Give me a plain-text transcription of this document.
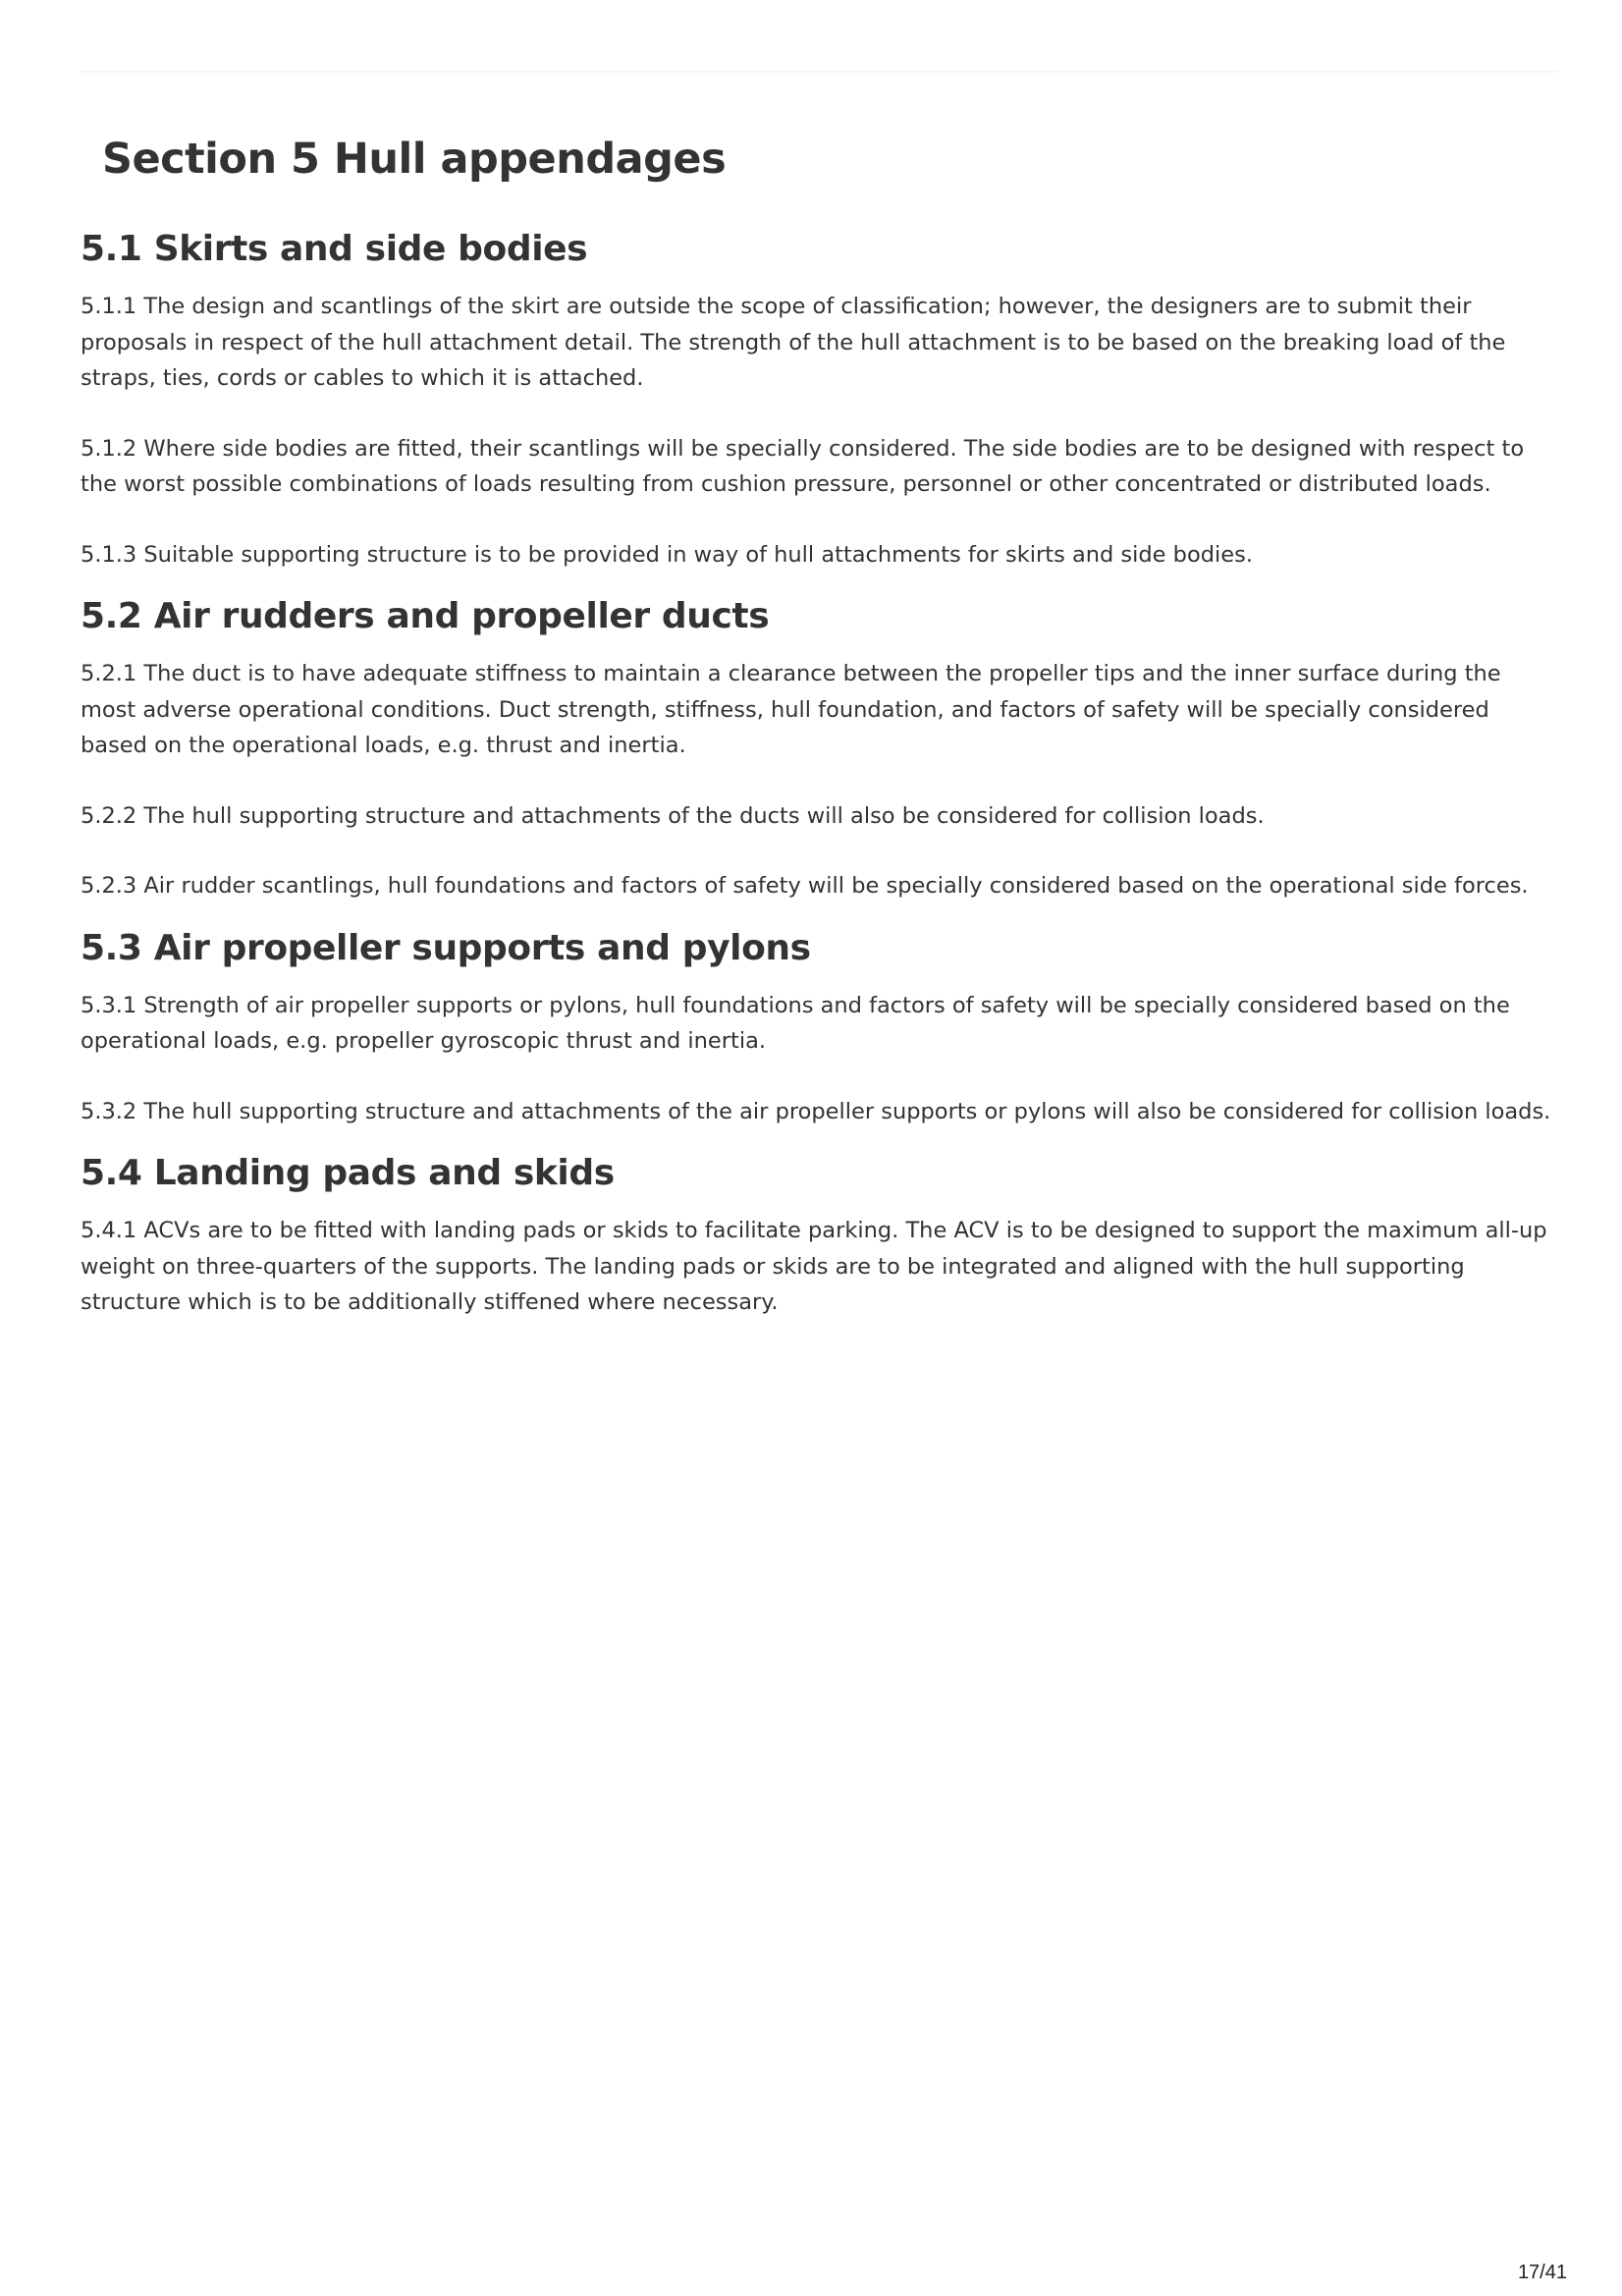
Section 5 Hull appendages
5.1 Skirts and side bodies

5.1.1 The design and scantlings of the skirt are outside the scope of classification; however, the designers are to submit their proposals in respect of the hull attachment detail. The strength of the hull attachment is to be based on the breaking load of the straps, ties, cords or cables to which it is attached.

5.1.2 Where side bodies are fitted, their scantlings will be specially considered. The side bodies are to be designed with respect to the worst possible combinations of loads resulting from cushion pressure, personnel or other concentrated or distributed loads.

5.1.3 Suitable supporting structure is to be provided in way of hull attachments for skirts and side bodies.

5.2 Air rudders and propeller ducts

5.2.1 The duct is to have adequate stiffness to maintain a clearance between the propeller tips and the inner surface during the most adverse operational conditions. Duct strength, stiffness, hull foundation, and factors of safety will be specially considered based on the operational loads, e.g. thrust and inertia.

5.2.2 The hull supporting structure and attachments of the ducts will also be considered for collision loads.

5.2.3 Air rudder scantlings, hull foundations and factors of safety will be specially considered based on the operational side forces.

5.3 Air propeller supports and pylons

5.3.1 Strength of air propeller supports or pylons, hull foundations and factors of safety will be specially considered based on the operational loads, e.g. propeller gyroscopic thrust and inertia.

5.3.2 The hull supporting structure and attachments of the air propeller supports or pylons will also be considered for collision loads.

5.4 Landing pads and skids

5.4.1 ACVs are to be fitted with landing pads or skids to facilitate parking. The ACV is to be designed to support the maximum all-up weight on three-quarters of the supports. The landing pads or skids are to be integrated and aligned with the hull supporting structure which is to be additionally stiffened where necessary.

17/41
